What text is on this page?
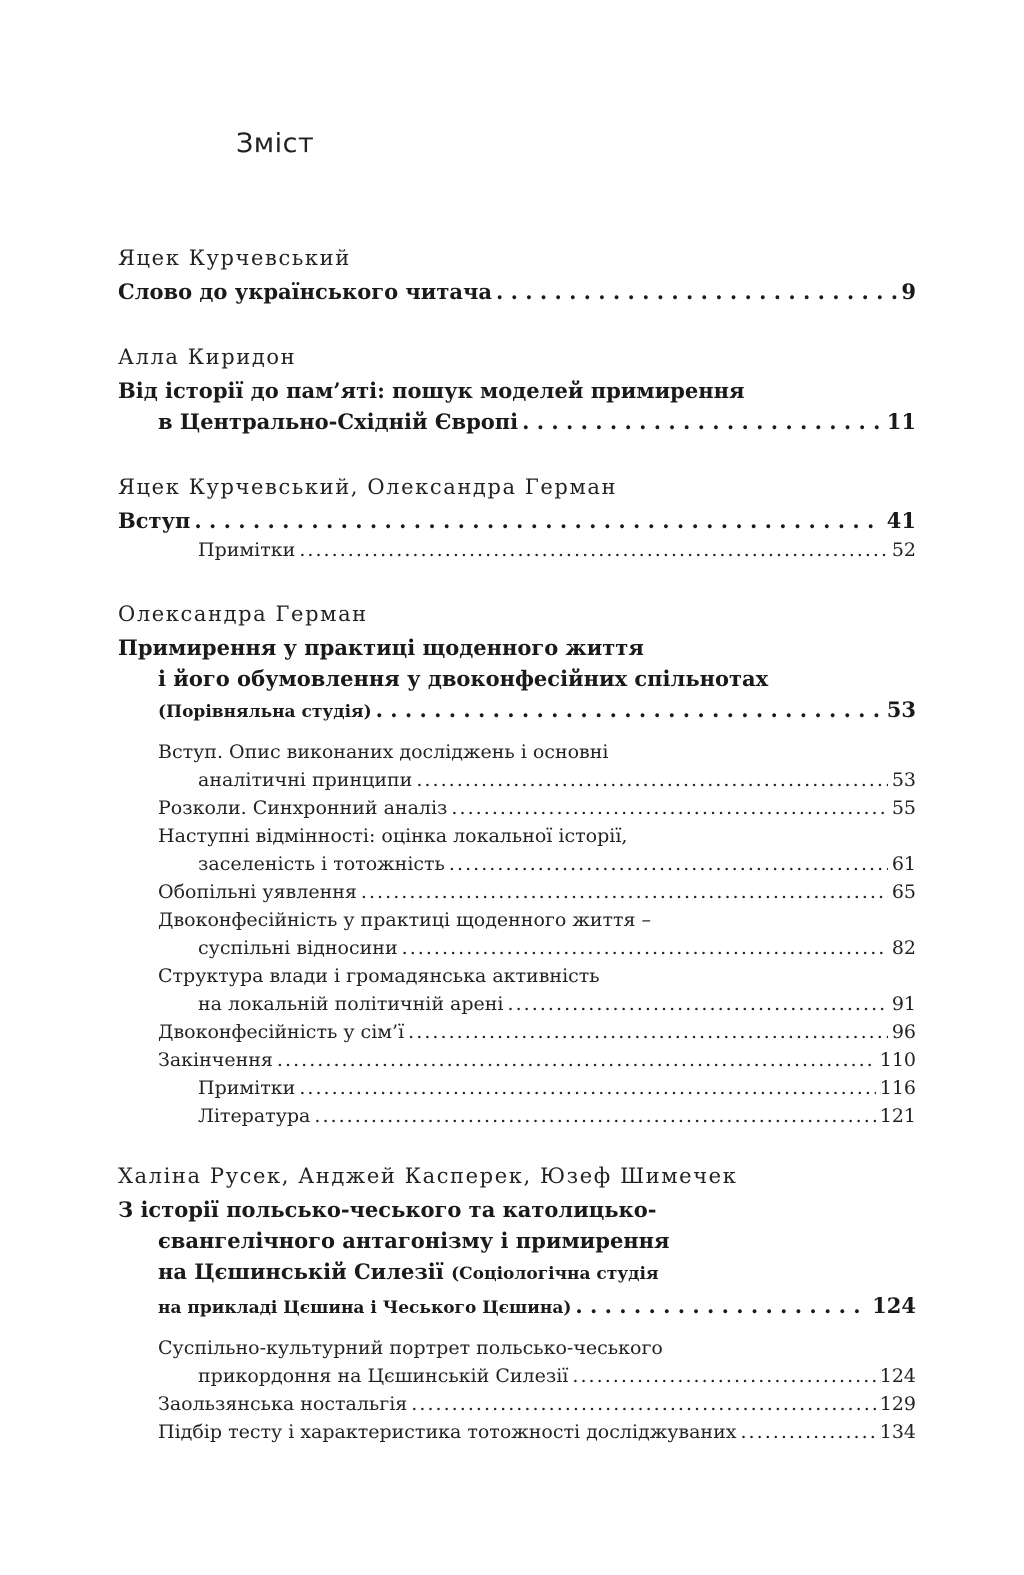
Зміст

Яцек Курчевський

Слово до українського читача . . .	9

Алла Киридон

Від історії до пам’яті: пошук моделей примирення

в Центрально-Східній Європі . . .	11

Яцек Курчевський, Олександра Герман

Вступ . . .	41
Примітки . . .	52

Олександра Герман

Примирення у практиці щоденного життя

і його обумовлення у двоконфесійних спільнотах

(Порівняльна студія) . . .	53

Вступ. Опис виконаних досліджень і основні

аналітичні принципи . . .	53
Розколи. Синхронний аналіз . . .	55

Наступні відмінності: оцінка локальної історії,

заселеність і тотожність . . .	61
Обопільні уявлення . . .	65

Двоконфесійність у практиці щоденного життя –

суспільні відносини . . .	82

Структура влади і громадянська активність

на локальній політичній арені . . .	91
Двоконфесійність у сім’ї . . .	96
Закінчення . . .	110
Примітки . . .	116
Література . . .	121

Халіна Русек, Анджей Касперек, Юзеф Шимечек

З історії польсько-чеського та католицько-

євангелічного антагонізму і примирення

на Цєшинській Силезії (Соціологічна студія

на прикладі Цєшина і Чеського Цєшина) . . .	124

Суспільно-культурний портрет польсько-чеського

прикордоння на Цєшинській Силезії . . .	124
Заользянська ностальгія . . .	129
Підбір тесту і характеристика тотожності досліджуваних . . .	134
